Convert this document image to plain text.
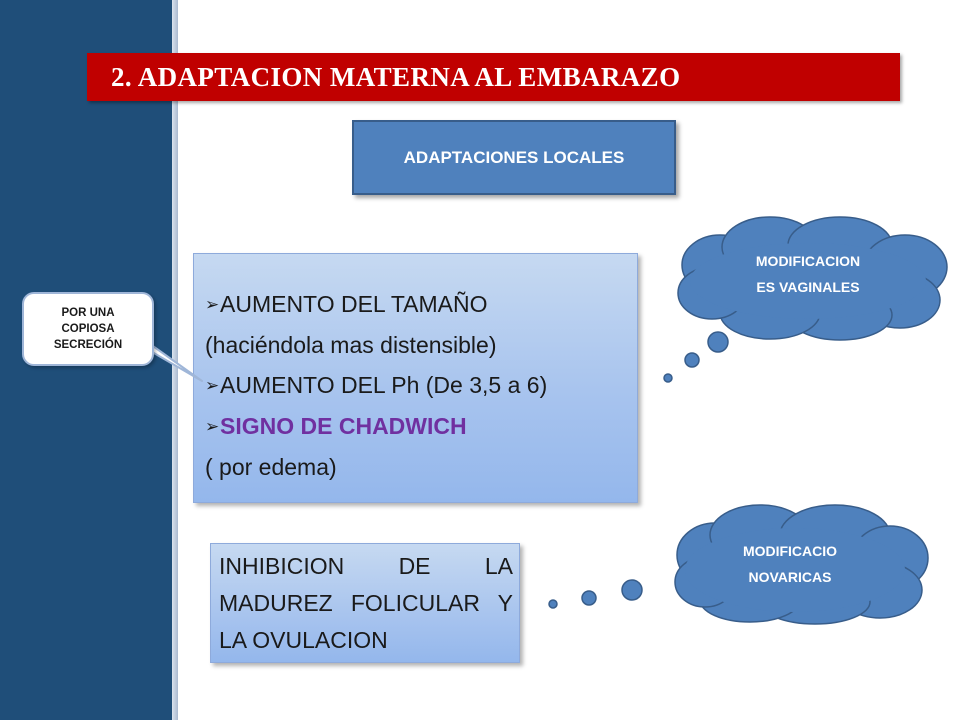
2. ADAPTACION MATERNA AL EMBARAZO
ADAPTACIONES LOCALES
➢AUMENTO DEL TAMAÑO
(haciéndola mas distensible)
➢AUMENTO DEL Ph (De 3,5 a 6)
➢SIGNO DE CHADWICH
( por edema)
INHIBICION DE LA MADUREZ FOLICULAR Y LA OVULACION
POR UNA
COPIOSA
SECRECIÓN
MODIFICACION
ES VAGINALES
MODIFICACIO
NOVARICAS
